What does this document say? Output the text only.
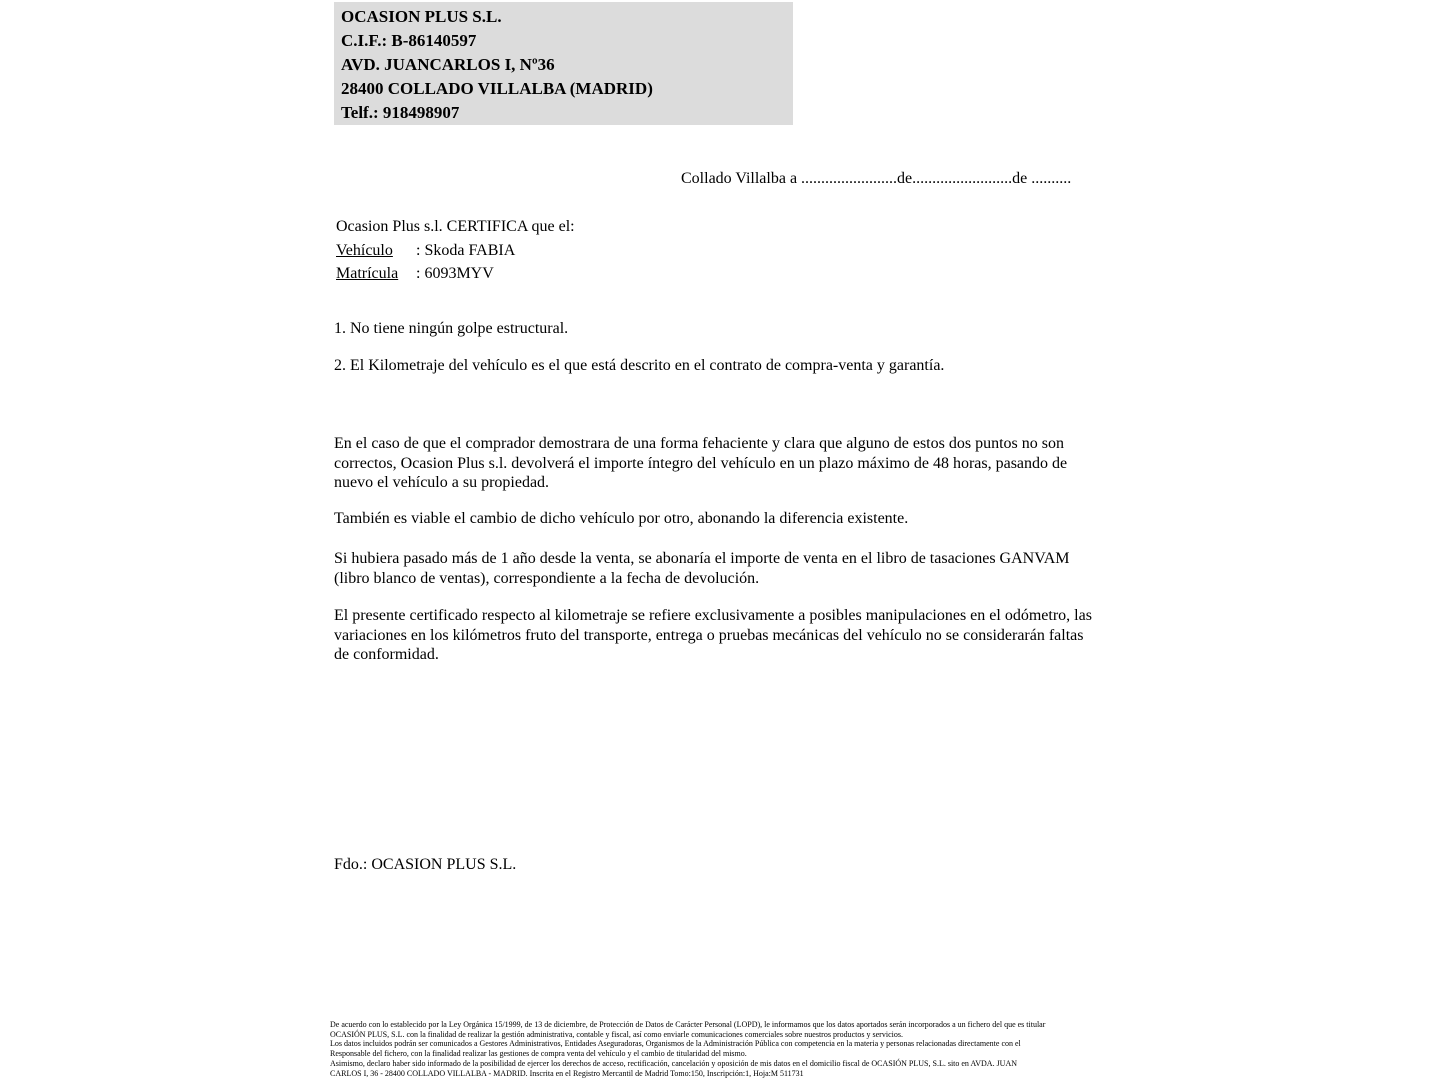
OCASION PLUS S.L.
C.I.F.: B-86140597
AVD. JUANCARLOS I, Nº36
28400 COLLADO VILLALBA (MADRID)
Telf.: 918498907
Collado Villalba a ........................de.........................de ..........
Ocasion Plus s.l. CERTIFICA que el:
Vehículo : Skoda FABIA
Matrícula : 6093MYV
1. No tiene ningún golpe estructural.
2. El Kilometraje del vehículo es el que está descrito en el contrato de compra-venta y garantía.
En el caso de que el comprador demostrara de una forma fehaciente y clara que alguno de estos dos puntos no son correctos, Ocasion Plus s.l. devolverá el importe íntegro del vehículo en un plazo máximo de 48 horas, pasando de nuevo el vehículo a su propiedad.
También es viable el cambio de dicho vehículo por otro, abonando la diferencia existente.
Si hubiera pasado más de 1 año desde la venta, se abonaría el importe de venta en el libro de tasaciones GANVAM (libro blanco de ventas), correspondiente a la fecha de devolución.
El presente certificado respecto al kilometraje se refiere exclusivamente a posibles manipulaciones en el odómetro, las variaciones en los kilómetros fruto del transporte, entrega o pruebas mecánicas del vehículo no se considerarán faltas de conformidad.
Fdo.: OCASION PLUS S.L.
De acuerdo con lo establecido por la Ley Orgánica 15/1999, de 13 de diciembre, de Protección de Datos de Carácter Personal (LOPD), le informamos que los datos aportados serán incorporados a un fichero del que es titular
OCASIÓN PLUS, S.L. con la finalidad de realizar la gestión administrativa, contable y fiscal, así como enviarle comunicaciones comerciales sobre nuestros productos y servicios.
Los datos incluidos podrán ser comunicados a Gestores Administrativos, Entidades Aseguradoras, Organismos de la Administración Pública con competencia en la materia y personas relacionadas directamente con el
Responsable del fichero, con la finalidad realizar las gestiones de compra venta del vehículo y el cambio de titularidad del mismo.
Asimismo, declaro haber sido informado de la posibilidad de ejercer los derechos de acceso, rectificación, cancelación y oposición de mis datos en el domicilio fiscal de OCASIÓN PLUS, S.L. sito en AVDA. JUAN
CARLOS I, 36 - 28400 COLLADO VILLALBA - MADRID. Inscrita en el Registro Mercantil de Madrid Tomo:150, Inscripción:1, Hoja:M 511731
